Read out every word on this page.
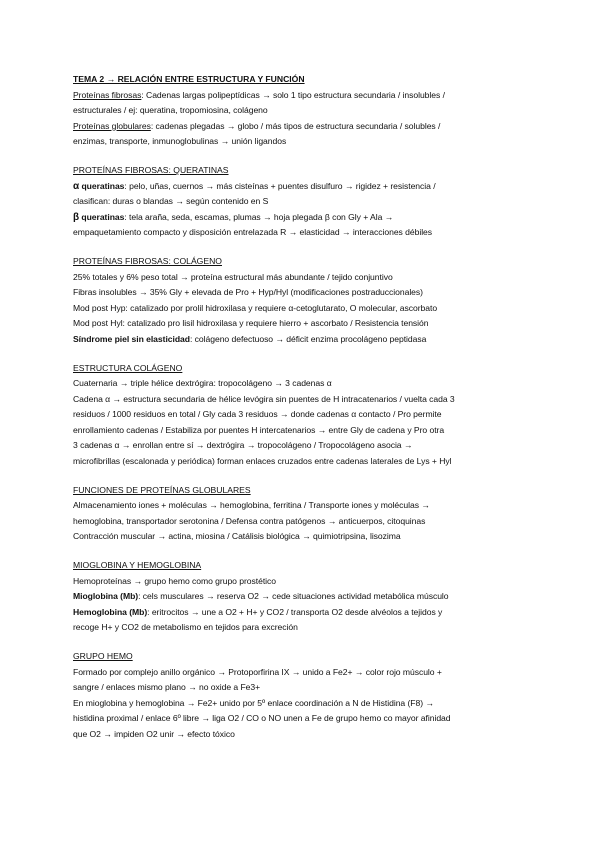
TEMA 2 → RELACIÓN ENTRE ESTRUCTURA Y FUNCIÓN
Proteínas fibrosas: Cadenas largas polipeptídicas → solo 1 tipo estructura secundaria / insolubles /
estructurales / ej: queratina, tropomiosina, colágeno
Proteínas globulares: cadenas plegadas → globo / más tipos de estructura secundaria / solubles /
enzimas, transporte, inmunoglobulinas → unión ligandos
PROTEÍNAS FIBROSAS: QUERATINAS
α queratinas: pelo, uñas, cuernos → más cisteínas + puentes disulfuro → rigidez + resistencia /
clasifican: duras o blandas → según contenido en S
β queratinas: tela araña, seda, escamas, plumas → hoja plegada β con Gly + Ala →
empaquetamiento compacto y disposición entrelazada R → elasticidad → interacciones débiles
PROTEÍNAS FIBROSAS: COLÁGENO
25% totales y 6% peso total → proteína estructural más abundante / tejido conjuntivo
Fibras insolubles → 35% Gly + elevada de Pro + Hyp/Hyl (modificaciones postraduccionales)
Mod post Hyp: catalizado por prolil hidroxilasa y requiere α-cetoglutarato, O molecular, ascorbato
Mod post Hyl: catalizado pro lisil hidroxilasa y requiere hierro + ascorbato / Resistencia tensión
Síndrome piel sin elasticidad: colágeno defectuoso → déficit enzima procolágeno peptidasa
ESTRUCTURA COLÁGENO
Cuaternaria → triple hélice dextrógira: tropocolágeno → 3 cadenas α
Cadena α → estructura secundaria de hélice levógira sin puentes de H intracatenarios / vuelta cada 3
residuos / 1000 residuos en total / Gly cada 3 residuos → donde cadenas α contacto / Pro permite
enrollamiento cadenas / Estabiliza por puentes H intercatenarios → entre Gly de cadena y Pro otra
3 cadenas α → enrollan entre sí → dextrógira → tropocolágeno / Tropocolágeno asocia →
microfibrillas (escalonada y periódica) forman enlaces cruzados entre cadenas laterales de Lys + Hyl
FUNCIONES DE PROTEÍNAS GLOBULARES
Almacenamiento iones + moléculas → hemoglobina, ferritina / Transporte iones y moléculas →
hemoglobina, transportador serotonina / Defensa contra patógenos → anticuerpos, citoquinas
Contracción muscular → actina, miosina / Catálisis biológica → quimiotripsina, lisozima
MIOGLOBINA Y HEMOGLOBINA
Hemoproteínas → grupo hemo como grupo prostético
Mioglobina (Mb): cels musculares → reserva O2 → cede situaciones actividad metabólica músculo
Hemoglobina (Mb): eritrocitos → une a O2 + H+ y CO2 / transporta O2 desde alvéolos a tejidos y
recoge H+ y CO2 de metabolismo en tejidos para excreción
GRUPO HEMO
Formado por complejo anillo orgánico → Protoporfirina IX → unido a Fe2+ → color rojo músculo +
sangre / enlaces mismo plano → no oxide a Fe3+
En mioglobina y hemoglobina → Fe2+ unido por 5º enlace coordinación a N de Histidina (F8) →
histidina proximal / enlace 6º libre → liga O2 / CO o NO unen a Fe de grupo hemo co mayor afinidad
que O2 → impiden O2 unir → efecto tóxico
